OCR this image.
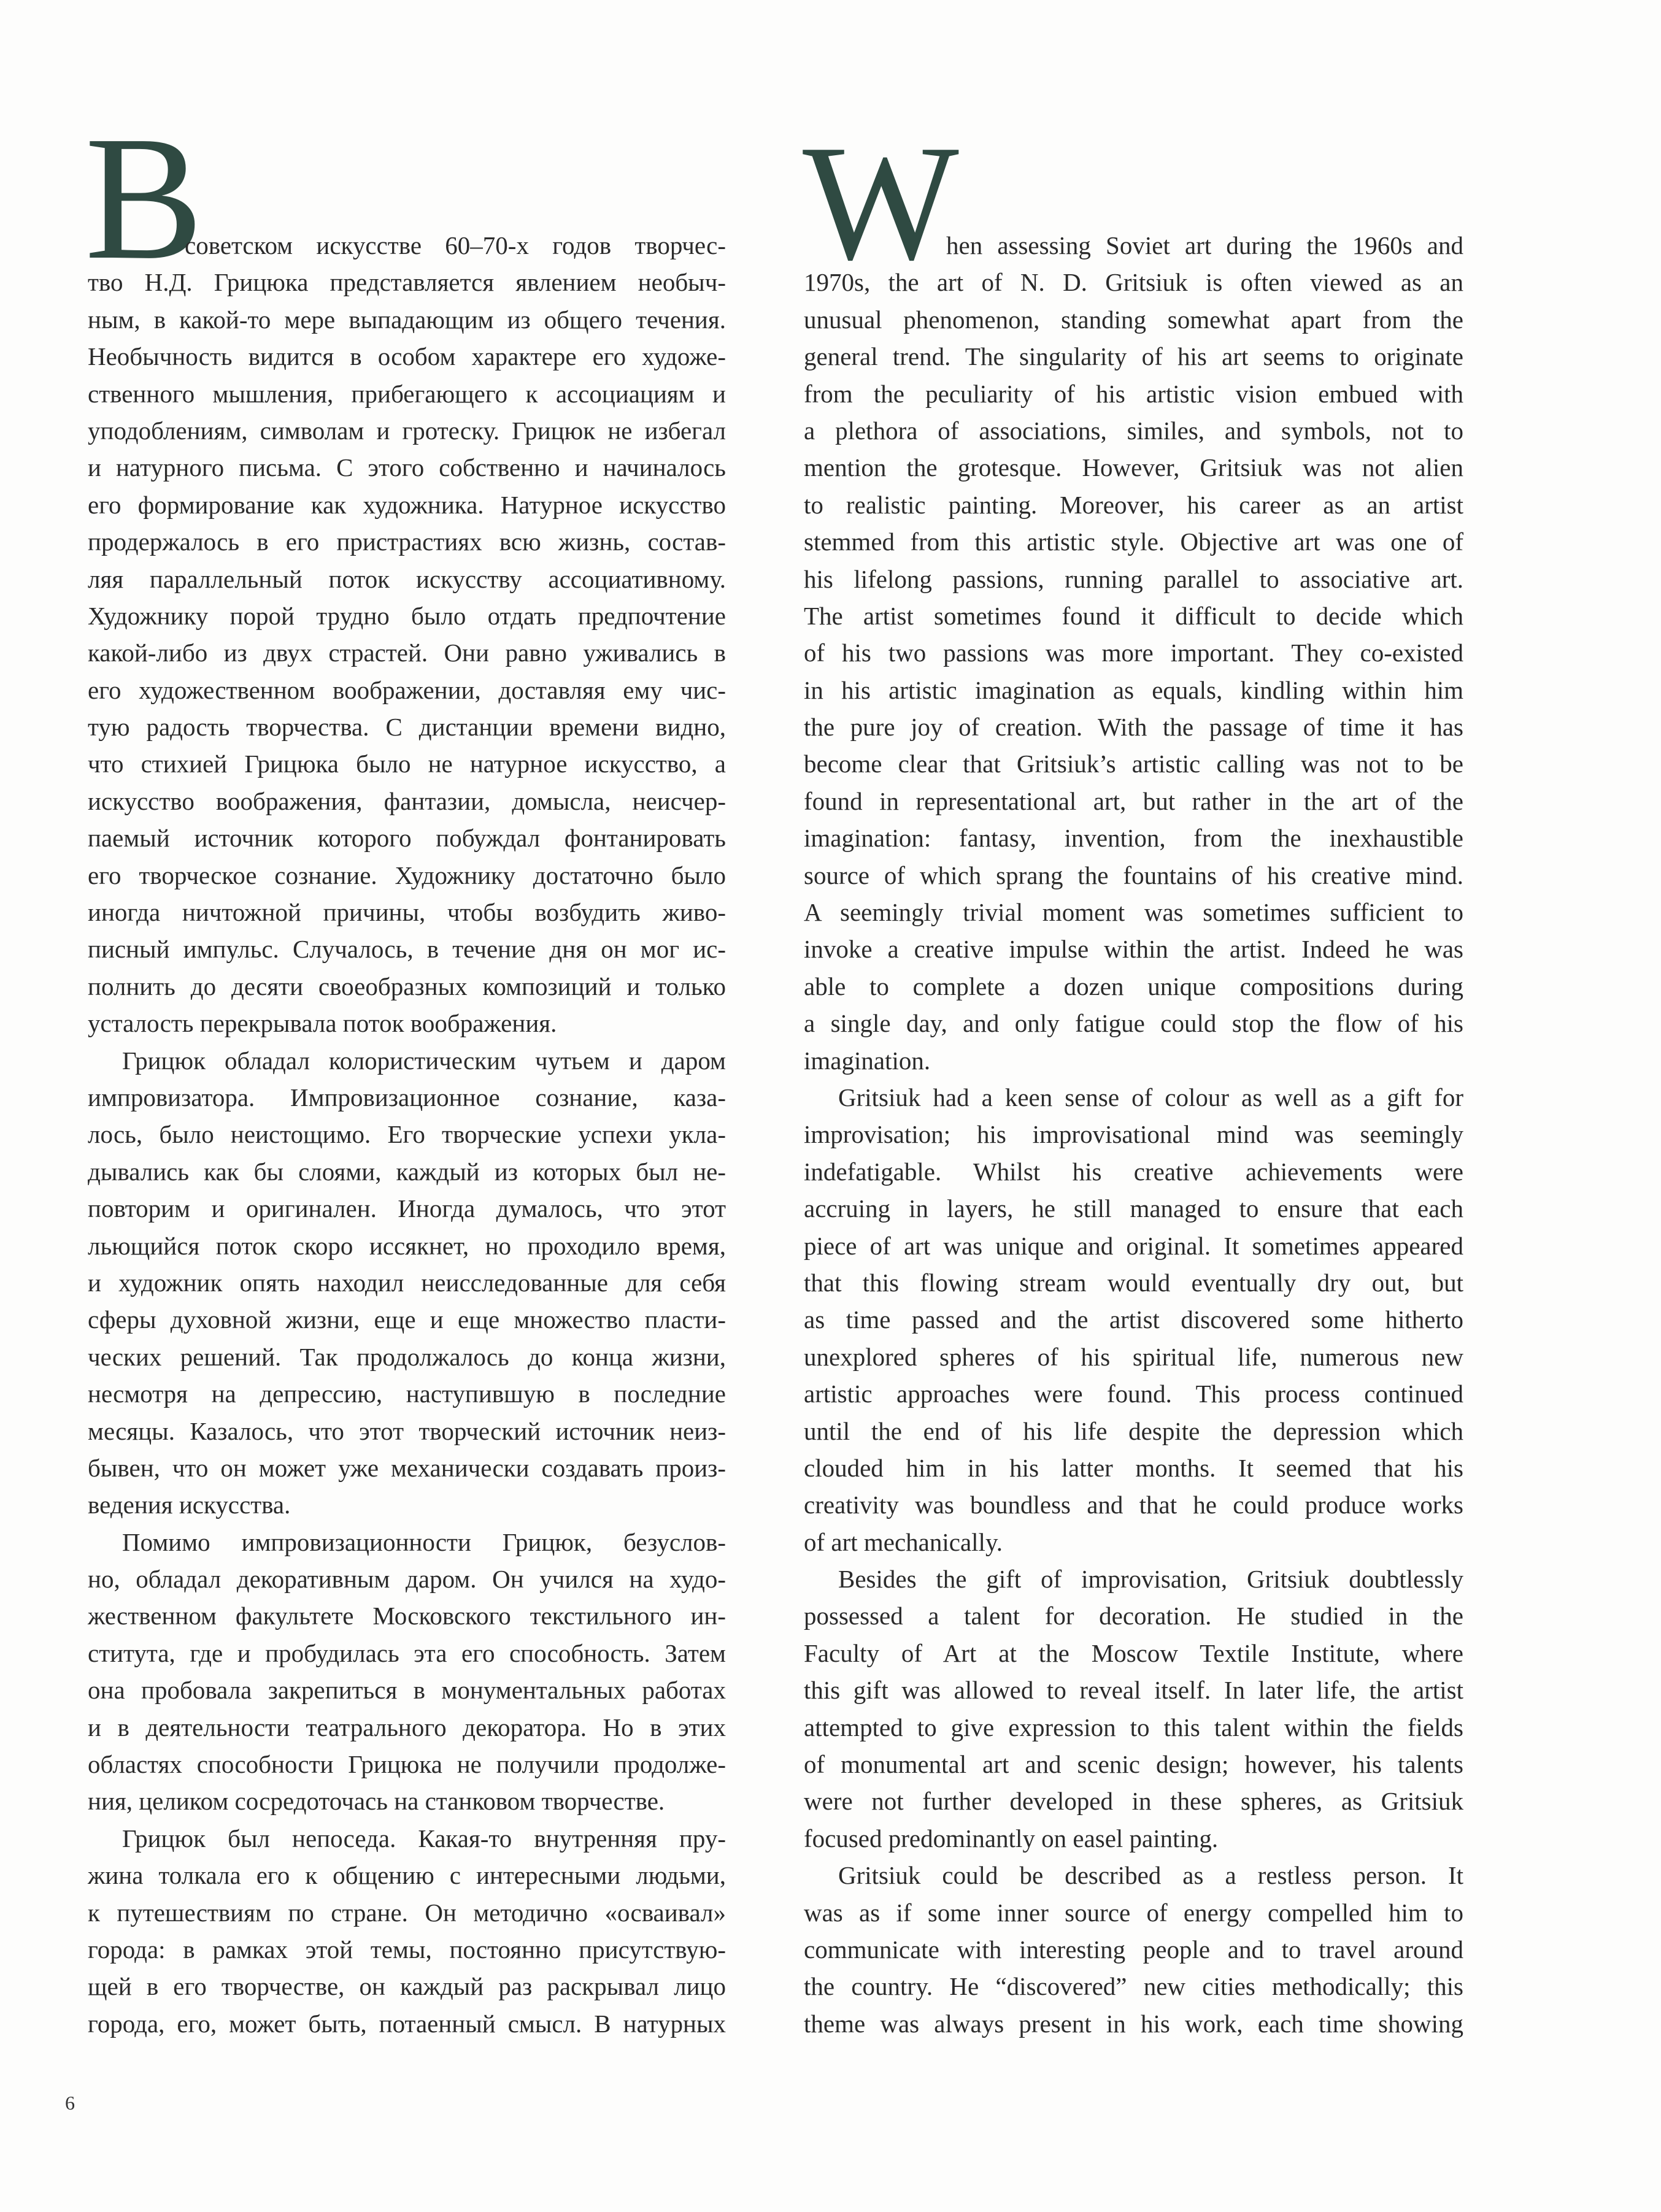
В
советском искусстве 60–70-х годов творчес-
тво Н.Д. Грицюка представляется явлением необыч-
ным, в какой-то мере выпадающим из общего течения.
Необычность видится в особом характере его художе-
ственного мышления, прибегающего к ассоциациям и
уподоблениям, символам и гротеску. Грицюк не избегал
и натурного письма. С этого собственно и начиналось
его формирование как художника. Натурное искусство
продержалось в его пристрастиях всю жизнь, состав-
ляя параллельный поток искусству ассоциативному.
Художнику порой трудно было отдать предпочтение
какой-либо из двух страстей. Они равно уживались в
его художественном воображении, доставляя ему чис-
тую радость творчества. С дистанции времени видно,
что стихией Грицюка было не натурное искусство, а
искусство воображения, фантазии, домысла, неисчер-
паемый источник которого побуждал фонтанировать
его творческое сознание. Художнику достаточно было
иногда ничтожной причины, чтобы возбудить живо-
писный импульс. Случалось, в течение дня он мог ис-
полнить до десяти своеобразных композиций и только
усталость перекрывала поток воображения.
Грицюк обладал колористическим чутьем и даром
импровизатора. Импровизационное сознание, каза-
лось, было неистощимо. Его творческие успехи укла-
дывались как бы слоями, каждый из которых был не-
повторим и оригинален. Иногда думалось, что этот
льющийся поток скоро иссякнет, но проходило время,
и художник опять находил неисследованные для себя
сферы духовной жизни, еще и еще множество пласти-
ческих решений. Так продолжалось до конца жизни,
несмотря на депрессию, наступившую в последние
месяцы. Казалось, что этот творческий источник неиз-
бывен, что он может уже механически создавать произ-
ведения искусства.
Помимо импровизационности Грицюк, безуслов-
но, обладал декоративным даром. Он учился на худо-
жественном факультете Московского текстильного ин-
ститута, где и пробудилась эта его способность. Затем
она пробовала закрепиться в монументальных работах
и в деятельности театрального декоратора. Но в этих
областях способности Грицюка не получили продолже-
ния, целиком сосредоточась на станковом творчестве.
Грицюк был непоседа. Какая-то внутренняя пру-
жина толкала его к общению с интересными людьми,
к путешествиям по стране. Он методично «осваивал»
города: в рамках этой темы, постоянно присутствую-
щей в его творчестве, он каждый раз раскрывал лицо
города, его, может быть, потаенный смысл. В натурных
W
hen assessing Soviet art during the 1960s and
1970s, the art of N. D. Gritsiuk is often viewed as an
unusual phenomenon, standing somewhat apart from the
general trend. The singularity of his art seems to originate
from the peculiarity of his artistic vision embued with
a plethora of associations, similes, and symbols, not to
mention the grotesque. However, Gritsiuk was not alien
to realistic painting. Moreover, his career as an artist
stemmed from this artistic style. Objective art was one of
his lifelong passions, running parallel to associative art.
The artist sometimes found it difficult to decide which
of his two passions was more important. They co-existed
in his artistic imagination as equals, kindling within him
the pure joy of creation. With the passage of time it has
become clear that Gritsiuk’s artistic calling was not to be
found in representational art, but rather in the art of the
imagination: fantasy, invention, from the inexhaustible
source of which sprang the fountains of his creative mind.
A seemingly trivial moment was sometimes sufficient to
invoke a creative impulse within the artist. Indeed he was
able to complete a dozen unique compositions during
a single day, and only fatigue could stop the flow of his
imagination.
Gritsiuk had a keen sense of colour as well as a gift for
improvisation; his improvisational mind was seemingly
indefatigable. Whilst his creative achievements were
accruing in layers, he still managed to ensure that each
piece of art was unique and original. It sometimes appeared
that this flowing stream would eventually dry out, but
as time passed and the artist discovered some hitherto
unexplored spheres of his spiritual life, numerous new
artistic approaches were found. This process continued
until the end of his life despite the depression which
clouded him in his latter months. It seemed that his
creativity was boundless and that he could produce works
of art mechanically.
Besides the gift of improvisation, Gritsiuk doubtlessly
possessed a talent for decoration. He studied in the
Faculty of Art at the Moscow Textile Institute, where
this gift was allowed to reveal itself. In later life, the artist
attempted to give expression to this talent within the fields
of monumental art and scenic design; however, his talents
were not further developed in these spheres, as Gritsiuk
focused predominantly on easel painting.
Gritsiuk could be described as a restless person. It
was as if some inner source of energy compelled him to
communicate with interesting people and to travel around
the country. He “discovered” new cities methodically; this
theme was always present in his work, each time showing
6
